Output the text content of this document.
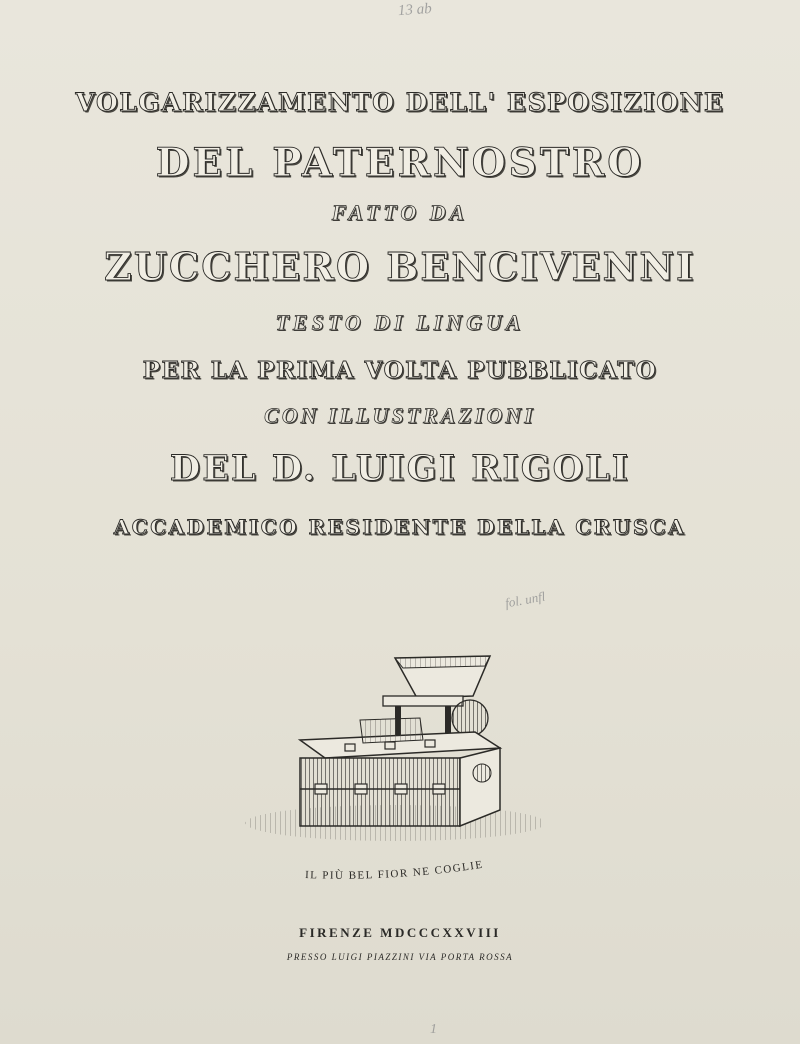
13 ab
VOLGARIZZAMENTO DELL' ESPOSIZIONE
DEL PATERNOSTRO
FATTO DA
ZUCCHERO BENCIVENNI
TESTO DI LINGUA
PER LA PRIMA VOLTA PUBBLICATO
CON ILLUSTRAZIONI
DEL D. LUIGI RIGOLI
ACCADEMICO RESIDENTE DELLA CRUSCA
fol. unfl
IL PIÙ BEL FIOR NE COGLIE
FIRENZE MDCCCXXVIII
PRESSO LUIGI PIAZZINI VIA PORTA ROSSA
1
